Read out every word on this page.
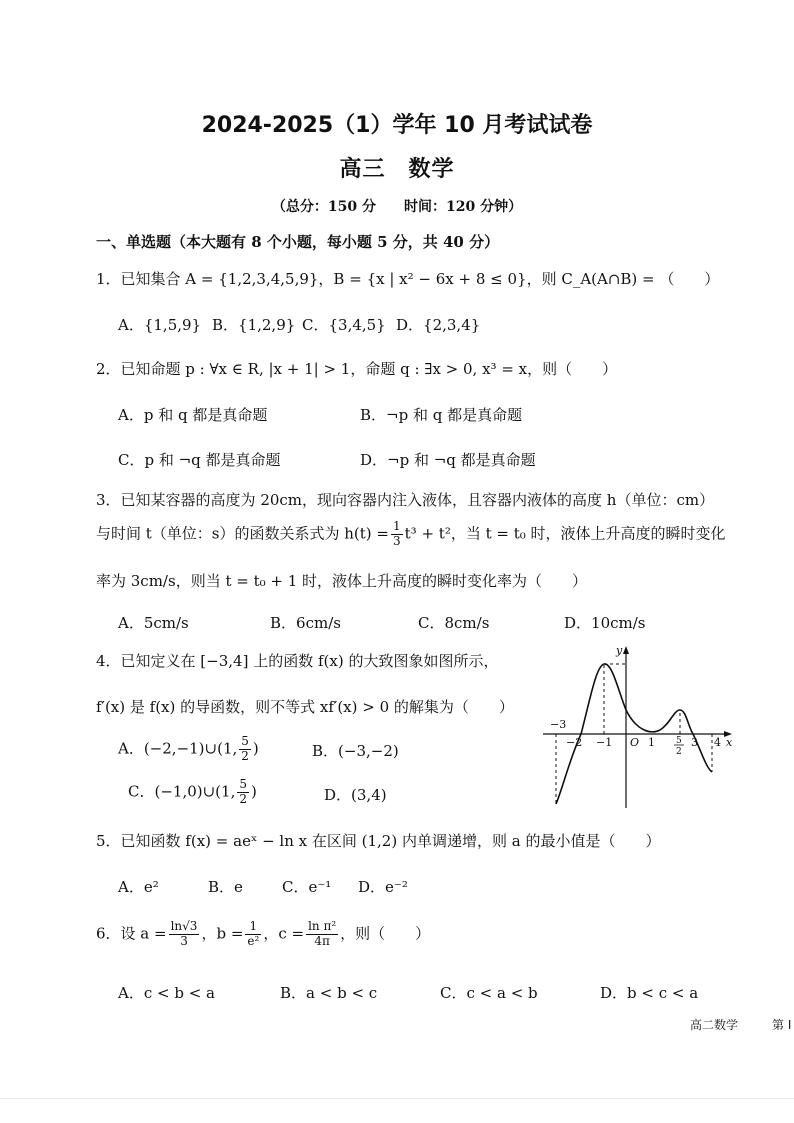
2024-2025（1）学年 10 月考试试卷
高三　数学
（总分：150 分　　时间：120 分钟）
一、单选题（本大题有 8 个小题，每小题 5 分，共 40 分）
1．已知集合 A = {1,2,3,4,5,9}，B = {x | x² − 6x + 8 ≤ 0}，则 C_A(A∩B) = （　　）
A．{1,5,9} B．{1,2,9} C．{3,4,5} D．{2,3,4}
2．已知命题 p : ∀x ∈ R, |x + 1| > 1，命题 q : ∃x > 0, x³ = x，则（　　）
A．p 和 q 都是真命题	B．¬p 和 q 都是真命题
C．p 和 ¬q 都是真命题	D．¬p 和 ¬q 都是真命题
3．已知某容器的高度为 20cm，现向容器内注入液体，且容器内液体的高度 h（单位：cm）
与时间 t（单位：s）的函数关系式为 $h(t) = \frac{1}{3} t^3 + t^2$，当 t = t₀ 时，液体上升高度的瞬时变化
率为 3cm/s，则当 t = t₀ + 1 时，液体上升高度的瞬时变化率为（　　）
A．5cm/s	B．6cm/s	C．8cm/s	D．10cm/s
4．已知定义在 [−3,4] 上的函数 f(x) 的大致图象如图所示，
f′(x) 是 f(x) 的导函数，则不等式 xf′(x) > 0 的解集为（　　）
A．(−2,−1)∪(1, $\frac{5}{2}$ )	B．(−3,−2)
C．(−1,0)∪(1, $\frac{5}{2}$ )	D．(3,4)
−3
−2 −1 O 1 5
2
3 4 x
y
5．已知函数 f(x) = aeˣ − ln x 在区间 (1,2) 内单调递增，则 a 的最小值是（　　）
A．e²	B．e	C．e⁻¹ D．e⁻²
6．设 $a = \frac{\ln√3}{3}$ ，$b = \frac{1}{\text{e²}}$ ，$c = \frac{\text{ln π²}}{4\pi}$ ，则（　　）
A．c < b < a	B．a < b < c	C．c < a < b	D．b < c < a
高二数学	第 I
